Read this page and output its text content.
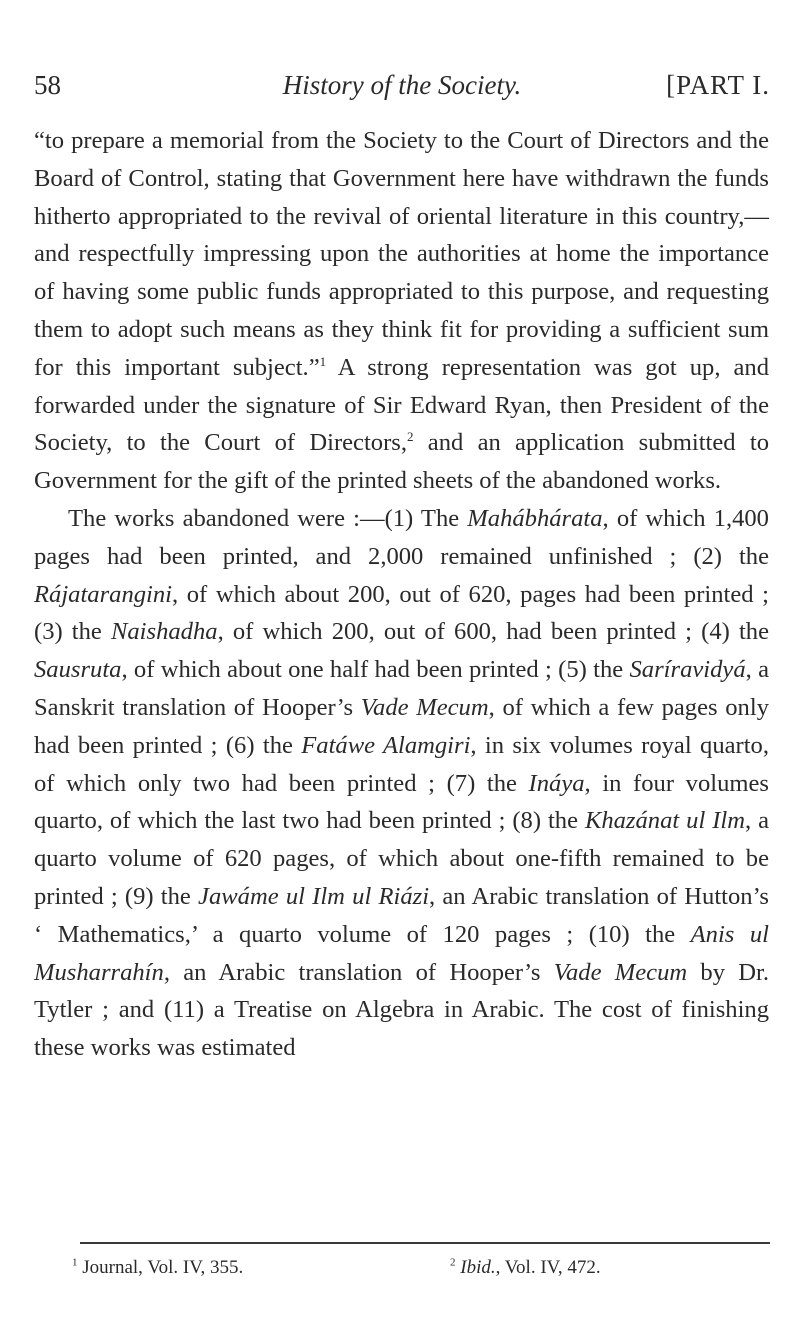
58	History of the Society.	[PART I.

“to prepare a memorial from the Society to the Court of Directors and the Board of Control, stating that Government here have withdrawn the funds hitherto appropriated to the revival of oriental literature in this country,—and respectfully impressing upon the authorities at home the importance of having some public funds appropriated to this purpose, and requesting them to adopt such means as they think fit for providing a sufficient sum for this important subject.”$^1$ A strong representation was got up, and forwarded under the signature of Sir Edward Ryan, then President of the Society, to the Court of Directors,$^2$ and an application submitted to Government for the gift of the printed sheets of the abandoned works.

The works abandoned were :—(1) The Mahábhárata, of which 1,400 pages had been printed, and 2,000 remained unfinished ; (2) the Rájatarangini, of which about 200, out of 620, pages had been printed ; (3) the Naishadha, of which 200, out of 600, had been printed ; (4) the Sausruta, of which about one half had been printed ; (5) the Saríravidyá, a Sanskrit translation of Hooper’s Vade Mecum, of which a few pages only had been printed ; (6) the Fatáwe Alamgiri, in six volumes royal quarto, of which only two had been printed ; (7) the Ináya, in four volumes quarto, of which the last two had been printed ; (8) the Khazánat ul Ilm, a quarto volume of 620 pages, of which about one-fifth remained to be printed ; (9) the Jawáme ul Ilm ul Riázi, an Arabic translation of Hutton’s ‘ Mathematics,’ a quarto volume of 120 pages ; (10) the Anis ul Musharrahín, an Arabic translation of Hooper’s Vade Mecum by Dr. Tytler ; and (11) a Treatise on Algebra in Arabic. The cost of finishing these works was estimated

$^1$ Journal, Vol. IV, 355.	$^2$ Ibid., Vol. IV, 472.
